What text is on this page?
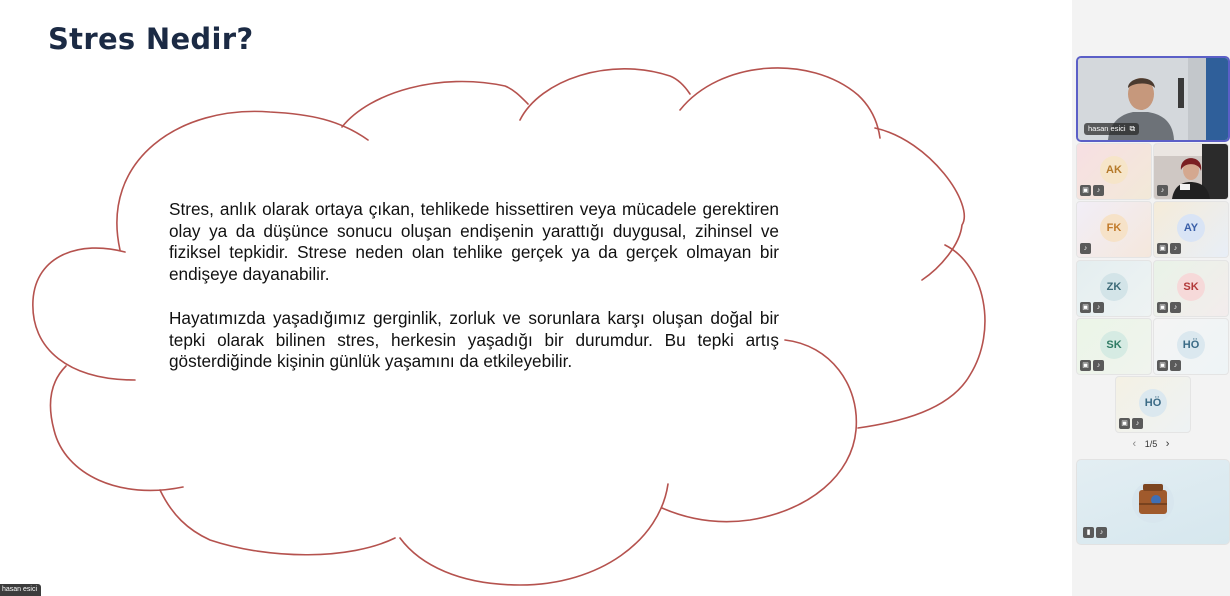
Stres Nedir?

Stres, anlık olarak ortaya çıkan, tehlikede hissettiren veya mücadele gerektiren olay ya da düşünce sonucu oluşan endişenin yarattığı duygusal, zihinsel ve fiziksel tepkidir. Strese neden olan tehlike gerçek ya da gerçek olmayan bir endişeye dayanabilir.

Hayatımızda yaşadığımız gerginlik, zorluk ve sorunlara karşı oluşan doğal bir tepki olarak bilinen stres, herkesin yaşadığı bir durumdur. Bu tepki artış gösterdiğinde kişinin günlük yaşamını da etkileyebilir.

hasan esici
hasan esici ⧉
AK
▣	♪	♪
FK
♪
AY
▣	♪
ZK
▣	♪
SK
▣	♪
SK
▣	♪
HÖ
▣	♪
HÖ
▣	♪
‹ 1/5 ›
▮	♪
